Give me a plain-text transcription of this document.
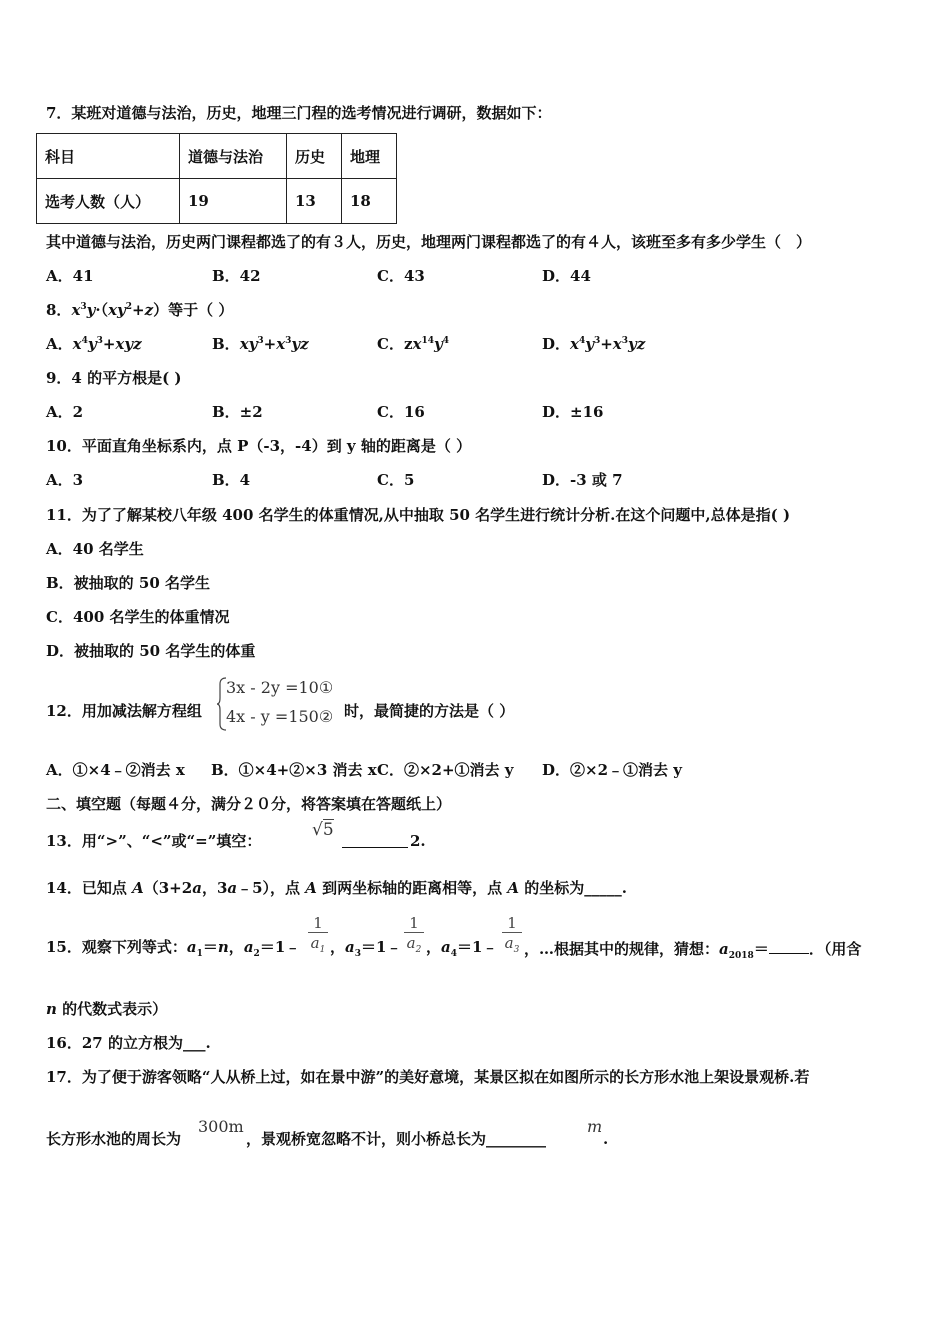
7．某班对道德与法治，历史，地理三门程的选考情况进行调研，数据如下：
科目	道德与法治	历史	地理
选考人数（人）	19	13	18
其中道德与法治，历史两门课程都选了的有３人，历史，地理两门课程都选了的有４人，该班至多有多少学生（　）
A．41	B．42	C．43	D．44
8．$x^3y\cdot(xy^2+z)$等于（ ）
A．$x^4y^3+xyz$	B．$xy^3+x^3yz$	C．$zx^{14}y^4$	D．$x^4y^3+x^3yz$
9．4 的平方根是( )
A．2	B．±2	C．16	D．±16
10．平面直角坐标系内，点 P（-3，-4）到 y 轴的距离是（ ）
A．3	B．4	C．5	D．-3 或 7
11．为了了解某校八年级 400 名学生的体重情况,从中抽取 50 名学生进行统计分析.在这个问题中,总体是指( )
A．40 名学生
B．被抽取的 50 名学生
C．400 名学生的体重情况
D．被抽取的 50 名学生的体重
12．用加减法解方程组
3x - 2y =10①
4x - y =150② 时，最简捷的方法是（ ）
A．①×4﹣②消去 x B．①×4+②×3 消去 x C．②×2+①消去 y D．②×2﹣①消去 y
二、填空题（每题４分，满分２０分，将答案填在答题纸上）
13．用“>”、“<”或“=”填空：
√5
2.
14．已知点 A（3+2a，3a﹣5），点 A 到两坐标轴的距离相等，点 A 的坐标为_____.
15．观察下列等式：$a_1=n$，$a_2=1﹣$
1
$a_1$ ，$a_3=1﹣$
1
$a_2$ ，$a_4=1﹣$
1
$a_3$ ，…根据其中的规律，猜想：$a_{2018}=$	．（用含
n 的代数式表示）
16．27 的立方根为___.
17．为了便于游客领略“人从桥上过，如在景中游”的美好意境，某景区拟在如图所示的长方形水池上架设景观桥.若
长方形水池的周长为
300m
，景观桥宽忽略不计，则小桥总长为________
m
.
